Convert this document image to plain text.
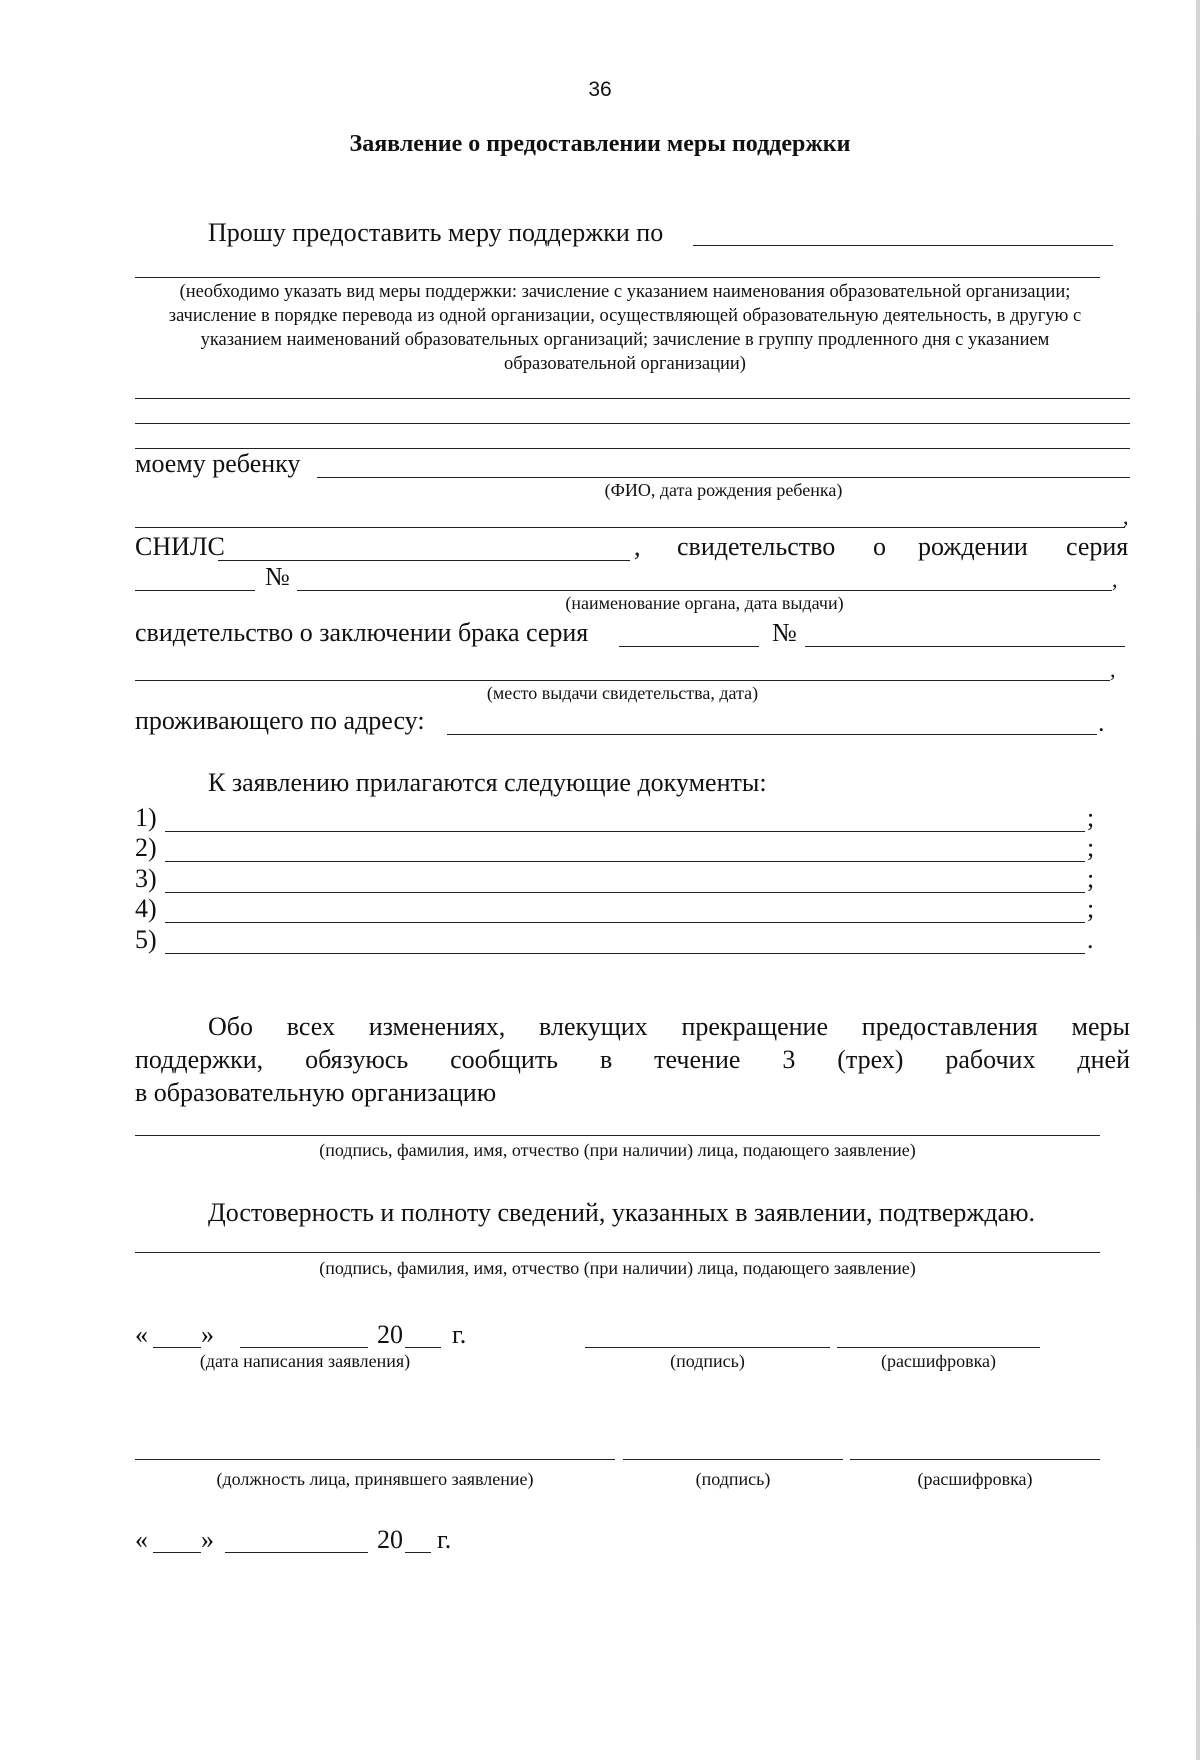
36
Заявление о предоставлении меры поддержки
Прошу предоставить меру поддержки по
(необходимо указать вид меры поддержки: зачисление с указанием наименования образовательной организации; зачисление в порядке перевода из одной организации, осуществляющей образовательную деятельность, в другую с указанием наименований образовательных организаций; зачисление в группу продленного дня с указанием образовательной организации)
моему ребенку
(ФИО, дата рождения ребенка)
,
СНИЛС	, свидетельство о рождении серия
№	,
(наименование органа, дата выдачи)
свидетельство о заключении брака серия	№
,
(место выдачи свидетельства, дата)
проживающего по адресу:	.
К заявлению прилагаются следующие документы:
1)	;
2)	;
3)	;
4)	;
5)	.
Обо всех изменениях, влекущих прекращение предоставления меры
поддержки, обязуюсь сообщить в течение 3 (трех) рабочих дней
в образовательную организацию
(подпись, фамилия, имя, отчество (при наличии) лица, подающего заявление)
Достоверность и полноту сведений, указанных в заявлении, подтверждаю.
(подпись, фамилия, имя, отчество (при наличии) лица, подающего заявление)
« »	20 г.
(дата написания заявления)	(подпись)	(расшифровка)
(должность лица, принявшего заявление)	(подпись)	(расшифровка)
« »	20 г.
